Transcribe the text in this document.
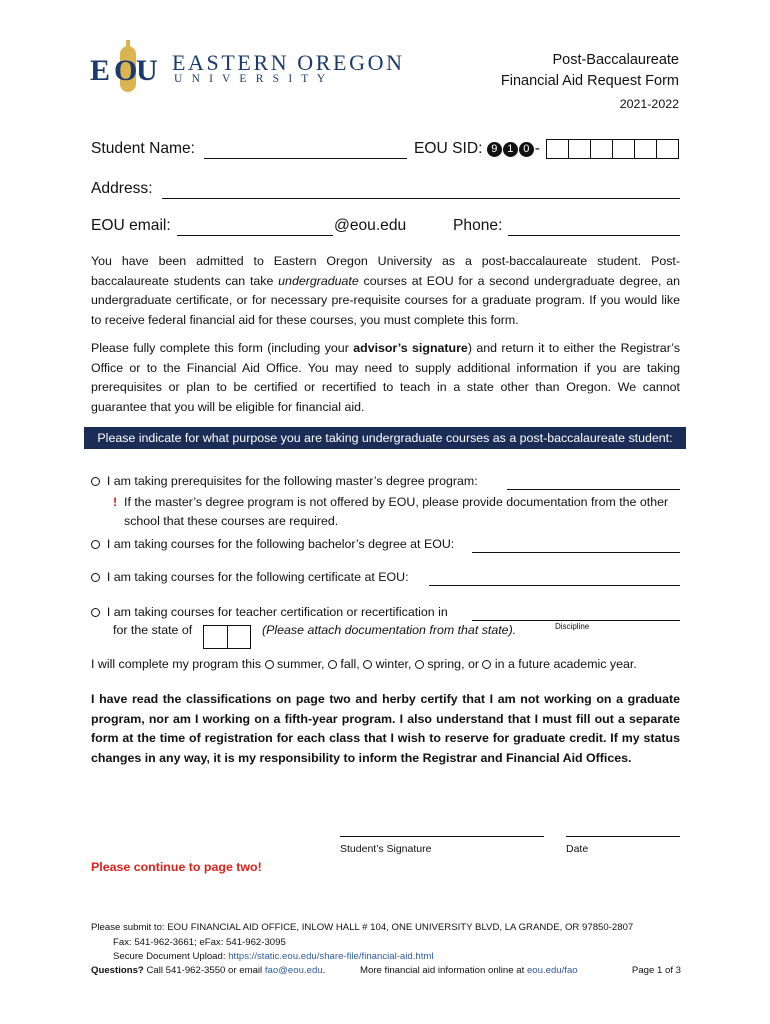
E O
U EASTERN OREGON
U N I V E R S I T Y
Post-Baccalaureate
Financial Aid Request Form
2021-2022
Student Name:	EOU SID: 9 1 0 -
Address:
EOU email:	@eou.edu	Phone:
You have been admitted to Eastern Oregon University as a post-baccalaureate student. Post-baccalaureate students can take undergraduate courses at EOU for a second undergraduate degree, an undergraduate certificate, or for necessary pre-requisite courses for a graduate program. If you would like to receive federal financial aid for these courses, you must complete this form.
Please fully complete this form (including your advisor’s signature) and return it to either the Registrar’s Office or to the Financial Aid Office. You may need to supply additional information if you are taking prerequisites or plan to be certified or recertified to teach in a state other than Oregon. We cannot guarantee that you will be eligible for financial aid.
Please indicate for what purpose you are taking undergraduate courses as a post-baccalaureate student:
I am taking prerequisites for the following master’s degree program:
! If the master’s degree program is not offered by EOU, please provide documentation from the other
school that these courses are required.
I am taking courses for the following bachelor’s degree at EOU:
I am taking courses for the following certificate at EOU:
I am taking courses for teacher certification or recertification in
for the state of	(Please attach documentation from that state).	Discipline
I will complete my program this summer, fall, winter, spring, or in a future academic year.
I have read the classifications on page two and herby certify that I am not working on a graduate program, nor am I working on a fifth-year program. I also understand that I must fill out a separate form at the time of registration for each class that I wish to reserve for graduate credit. If my status changes in any way, it is my responsibility to inform the Registrar and Financial Aid Offices.
Student’s Signature	Date
Please continue to page two!
Please submit to: EOU FINANCIAL AID OFFICE, INLOW HALL # 104, ONE UNIVERSITY BLVD, LA GRANDE, OR 97850-2807
Fax: 541-962-3661; eFax: 541-962-3095
Secure Document Upload: https://static.eou.edu/share-file/financial-aid.html
Questions? Call 541-962-3550 or email fao@eou.edu.	More financial aid information online at eou.edu/fao	Page 1 of 3
